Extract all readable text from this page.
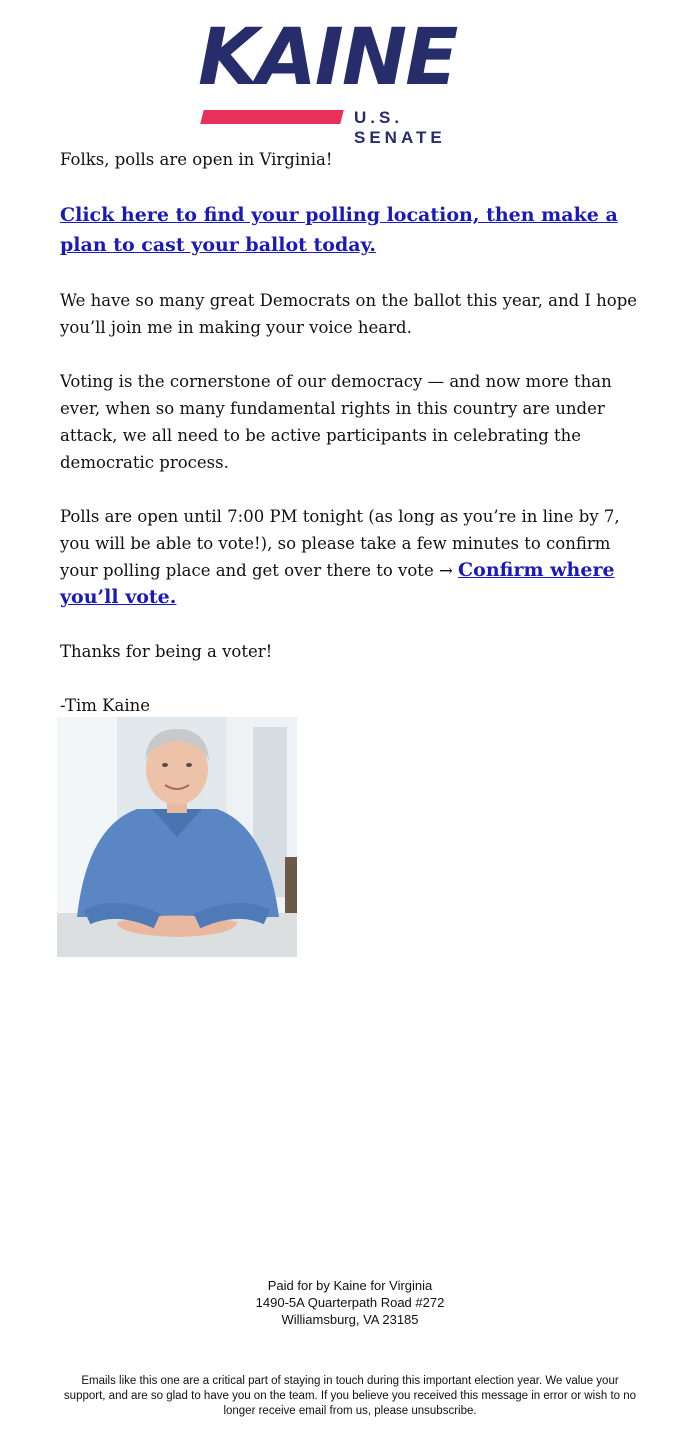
KAINE
U.S. SENATE

Folks, polls are open in Virginia!

Click here to find your polling location, then make a plan to cast your ballot today.

We have so many great Democrats on the ballot this year, and I hope you’ll join me in making your voice heard.

Voting is the cornerstone of our democracy — and now more than ever, when so many fundamental rights in this country are under attack, we all need to be active participants in celebrating the democratic process.

Polls are open until 7:00 PM tonight (as long as you’re in line by 7, you will be able to vote!), so please take a few minutes to confirm your polling place and get over there to vote → Confirm where you’ll vote.

Thanks for being a voter!

-Tim Kaine

Paid for by Kaine for Virginia
1490-5A Quarterpath Road #272
Williamsburg, VA 23185
Emails like this one are a critical part of staying in touch during this important election year. We value your support, and are so glad to have you on the team. If you believe you received this message in error or wish to no longer receive email from us, please unsubscribe.
